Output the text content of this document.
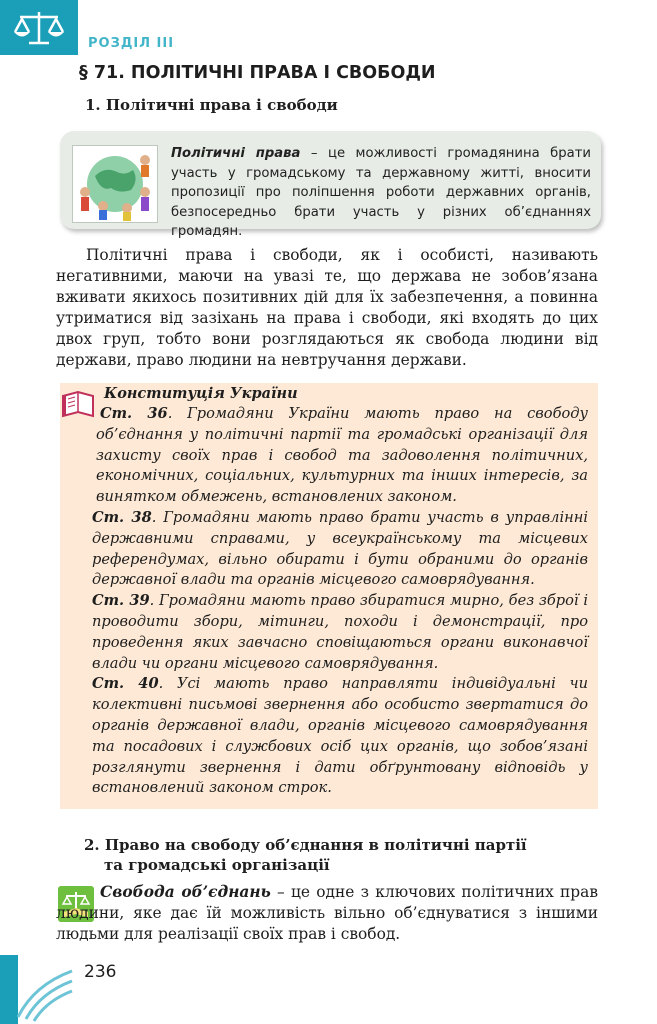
РОЗДІЛ III
§ 71. ПОЛІТИЧНІ ПРАВА І СВОБОДИ
1. Політичні права і свободи
Політичні права – це можливості громадянина брати участь у громадському та державному житті, вносити пропозиції про поліпшення роботи державних органів, безпосередньо брати участь у різних об’єднаннях громадян.
Політичні права і свободи, як і особисті, називають негативними, маючи на увазі те, що держава не зобов’язана вживати якихось позитивних дій для їх забезпечення, а повинна утриматися від зазіхань на права і свободи, які входять до цих двох груп, тобто вони розглядаються як свобода людини від держави, право людини на невтручання держави.
Конституція України

Ст. 36. Громадяни України мають право на свободу об’єднання у політичні партії та громадські організації для захисту своїх прав і свобод та задоволення політичних, економічних, соціальних, культурних та інших інтересів, за винятком обмежень, встановлених законом.

Ст. 38. Громадяни мають право брати участь в управлінні державними справами, у всеукраїнському та місцевих референдумах, вільно обирати і бути обраними до органів державної влади та органів місцевого самоврядування.

Ст. 39. Громадяни мають право збиратися мирно, без зброї і проводити збори, мітинги, походи і демонстрації, про проведення яких завчасно сповіщаються органи виконавчої влади чи органи місцевого самоврядування.

Ст. 40. Усі мають право направляти індивідуальні чи колективні письмові звернення або особисто звертатися до органів державної влади, органів місцевого самоврядування та посадових і службових осіб цих органів, що зобов’язані розглянути звернення і дати обґрунтовану відповідь у встановлений законом строк.

2. Право на свободу об’єднання в політичні партії
та громадські організації
Свобода об’єднань – це одне з ключових політичних прав людини, яке дає їй можливість вільно об’єднуватися з іншими людьми для реалізації своїх прав і свобод.
236
